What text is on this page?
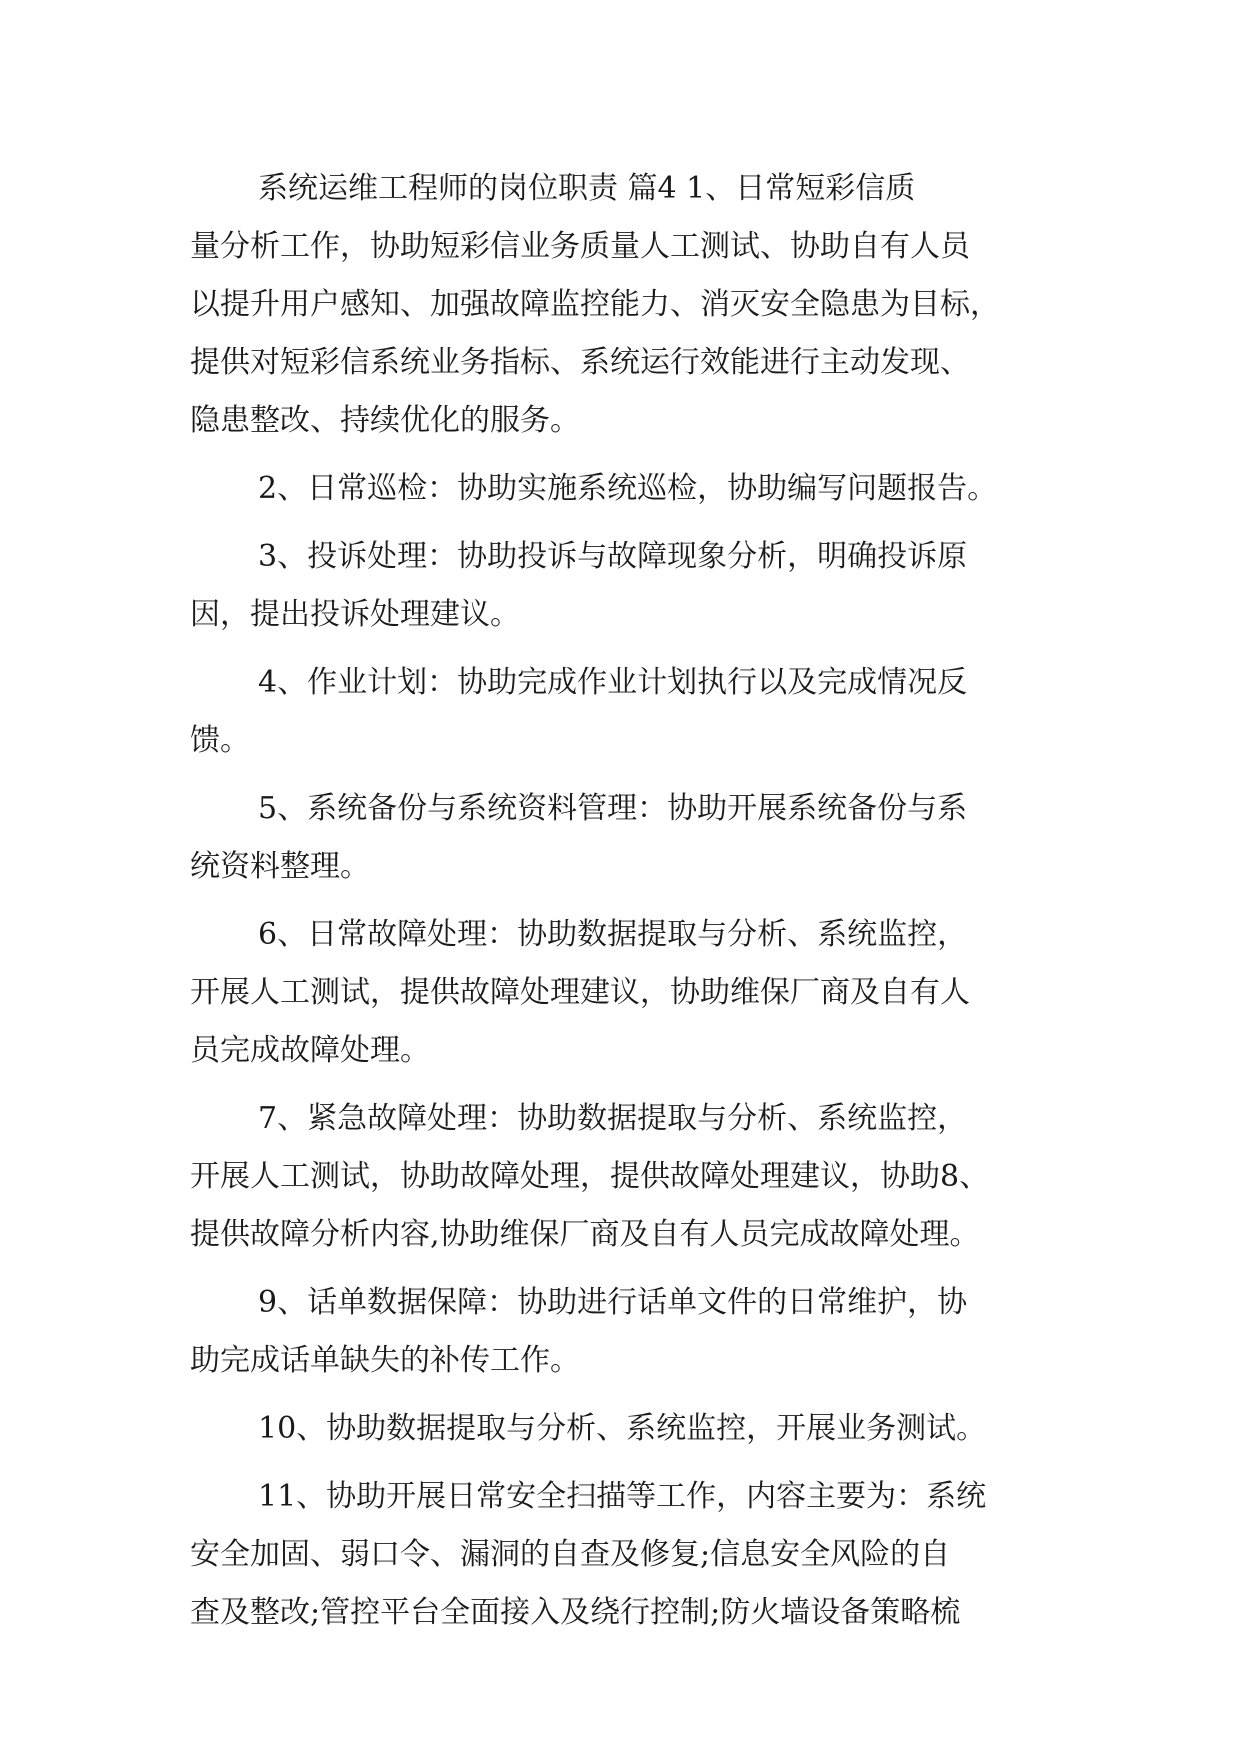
系统运维工程师的岗位职责 篇4 1、日常短彩信质
量分析工作，协助短彩信业务质量人工测试、协助自有人员
以提升用户感知、加强故障监控能力、消灭安全隐患为目标，
提供对短彩信系统业务指标、系统运行效能进行主动发现、
隐患整改、持续优化的服务。
2、日常巡检：协助实施系统巡检，协助编写问题报告。
3、投诉处理：协助投诉与故障现象分析，明确投诉原
因，提出投诉处理建议。
4、作业计划：协助完成作业计划执行以及完成情况反
馈。
5、系统备份与系统资料管理：协助开展系统备份与系
统资料整理。
6、日常故障处理：协助数据提取与分析、系统监控，
开展人工测试，提供故障处理建议，协助维保厂商及自有人
员完成故障处理。
7、紧急故障处理：协助数据提取与分析、系统监控，
开展人工测试，协助故障处理，提供故障处理建议，协助8、
提供故障分析内容,协助维保厂商及自有人员完成故障处理。
9、话单数据保障：协助进行话单文件的日常维护，协
助完成话单缺失的补传工作。
10、协助数据提取与分析、系统监控，开展业务测试。
11、协助开展日常安全扫描等工作，内容主要为：系统
安全加固、弱口令、漏洞的自查及修复;信息安全风险的自
查及整改;管控平台全面接入及绕行控制;防火墙设备策略梳
